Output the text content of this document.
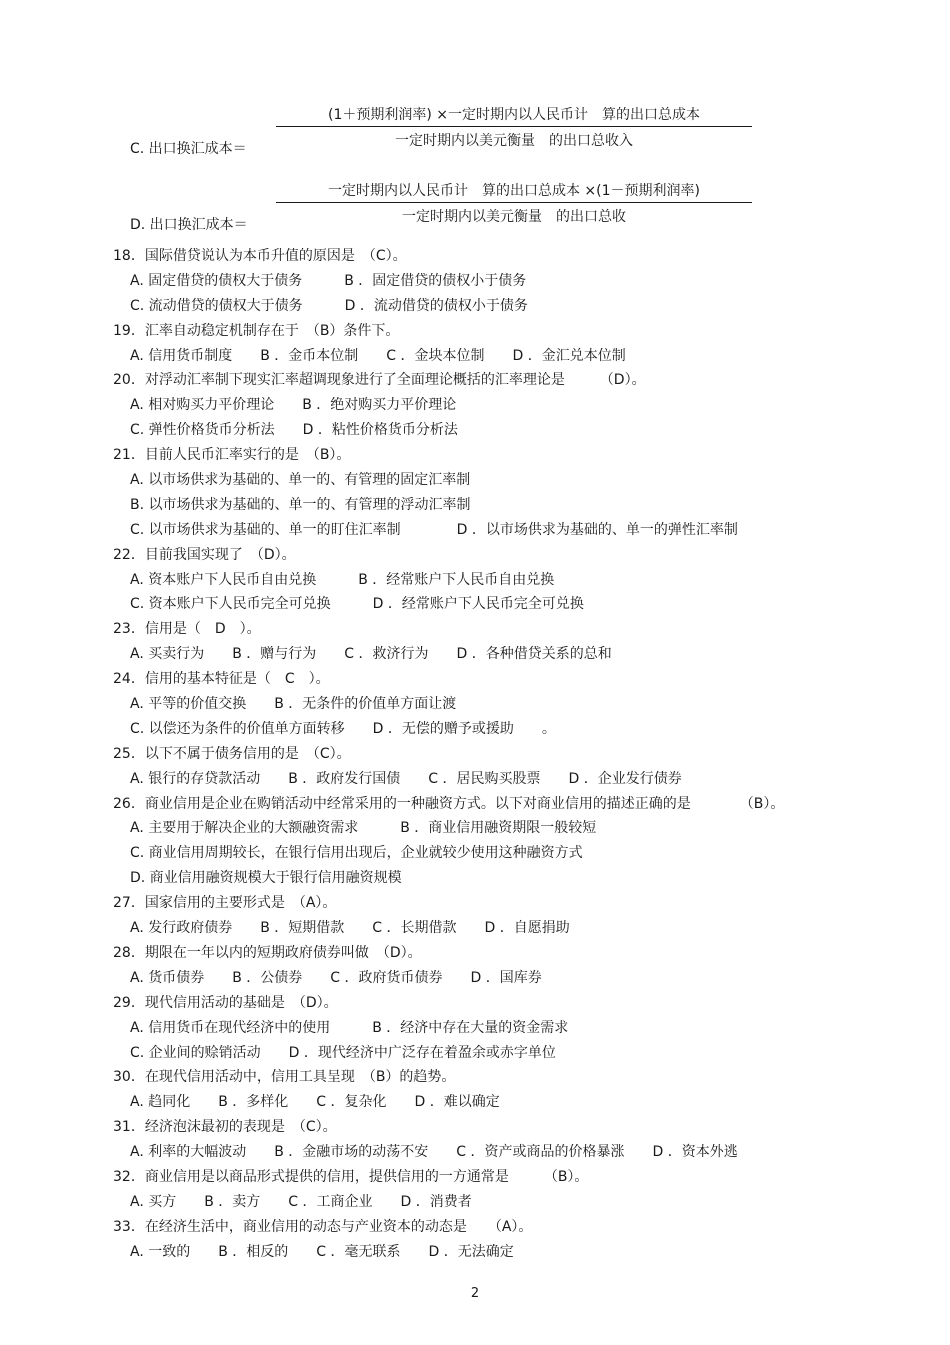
(1＋预期利润率) ×一定时期内以人民币计　算的出口总成本
一定时期内以美元衡量　的出口总收入
C. 出口换汇成本＝
一定时期内以人民币计　算的出口总成本 ×(1－预期利润率)
一定时期内以美元衡量　的出口总收
D. 出口换汇成本＝
18．国际借贷说认为本币升值的原因是　（C）。
A. 固定借贷的债权大于债务　　　B ．固定借贷的债权小于债务
C. 流动借贷的债权大于债务　　　D ．流动借贷的债权小于债务
19．汇率自动稳定机制存在于　（B）条件下。
A. 信用货币制度　　B ．金币本位制　　C ．金块本位制　　D ．金汇兑本位制
20．对浮动汇率制下现实汇率超调现象进行了全面理论概括的汇率理论是　　　（D）。
A. 相对购买力平价理论　　B ．绝对购买力平价理论
C. 弹性价格货币分析法　　D ．粘性价格货币分析法
21．目前人民币汇率实行的是　（B）。
A. 以市场供求为基础的、单一的、有管理的固定汇率制
B. 以市场供求为基础的、单一的、有管理的浮动汇率制
C. 以市场供求为基础的、单一的盯住汇率制　　　　D ．以市场供求为基础的、单一的弹性汇率制
22．目前我国实现了　（D）。
A. 资本账户下人民币自由兑换　　　B ．经常账户下人民币自由兑换
C. 资本账户下人民币完全可兑换　　　D ．经常账户下人民币完全可兑换
23．信用是（　D　）。
A. 买卖行为　　B ．赠与行为　　C ．救济行为　　D ．各种借贷关系的总和
24．信用的基本特征是（　C　）。
A. 平等的价值交换　　B ．无条件的价值单方面让渡
C. 以偿还为条件的价值单方面转移　　D ．无偿的赠予或援助　　。
25．以下不属于债务信用的是　（C）。
A. 银行的存贷款活动　　B ．政府发行国债　　C ．居民购买股票　　D ．企业发行债券
26．商业信用是企业在购销活动中经常采用的一种融资方式。以下对商业信用的描述正确的是　　　　（B）。
A. 主要用于解决企业的大额融资需求　　　B ．商业信用融资期限一般较短
C. 商业信用周期较长，在银行信用出现后，企业就较少使用这种融资方式
D. 商业信用融资规模大于银行信用融资规模
27．国家信用的主要形式是　（A）。
A. 发行政府债券　　B ．短期借款　　C ．长期借款　　D ．自愿捐助
28．期限在一年以内的短期政府债券叫做　（D）。
A. 货币债券　　B ．公债券　　C ．政府货币债券　　D ．国库券
29．现代信用活动的基础是　（D）。
A. 信用货币在现代经济中的使用　　　B ．经济中存在大量的资金需求
C. 企业间的赊销活动　　D ．现代经济中广泛存在着盈余或赤字单位
30．在现代信用活动中，信用工具呈现　（B）的趋势。
A. 趋同化　　B ．多样化　　C ．复杂化　　D ．难以确定
31．经济泡沫最初的表现是　（C）。
A. 利率的大幅波动　　B ．金融市场的动荡不安　　C ．资产或商品的价格暴涨　　D ．资本外逃
32．商业信用是以商品形式提供的信用，提供信用的一方通常是　　　（B）。
A. 买方　　B ．卖方　　C ．工商企业　　D ．消费者
33．在经济生活中，商业信用的动态与产业资本的动态是　　（A）。
A. 一致的　　B ．相反的　　C ．毫无联系　　D ．无法确定
2
